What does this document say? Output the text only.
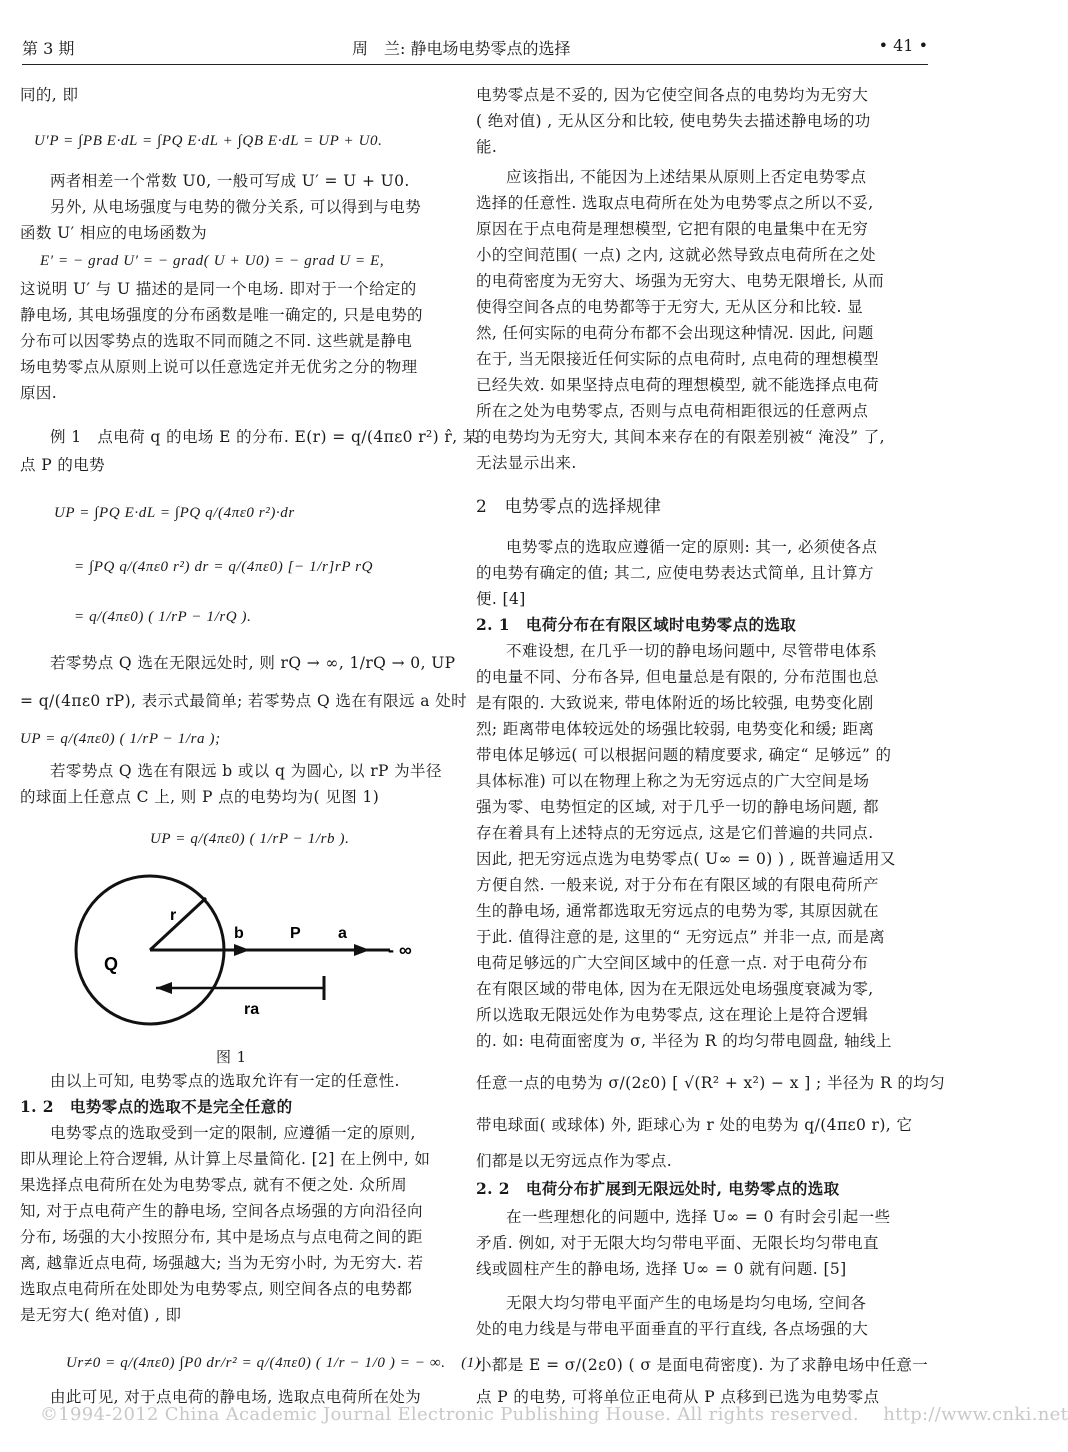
第 3 期	周　兰: 静电场电势零点的选择	• 41 •
同的, 即
U′P = ∫PB E·dL = ∫PQ E·dL + ∫QB E·dL = UP + U0.
两者相差一个常数 U0, 一般可写成 U′ = U + U0.
另外, 从电场强度与电势的微分关系, 可以得到与电势
函数 U′ 相应的电场函数为
E′ = − grad U′ = − grad( U + U0) = − grad U = E,
这说明 U′ 与 U 描述的是同一个电场. 即对于一个给定的
静电场, 其电场强度的分布函数是唯一确定的, 只是电势的
分布可以因零势点的选取不同而随之不同. 这些就是静电
场电势零点从原则上说可以任意选定并无优劣之分的物理
原因.
例 1　点电荷 q 的电场 E 的分布. E(r) = q/(4πε0 r²) r̂, 某
点 P 的电势
UP = ∫PQ E·dL = ∫PQ q/(4πε0 r²)·dr
= ∫PQ q/(4πε0 r²) dr = q/(4πε0) [− 1/r]rP rQ
= q/(4πε0) ( 1/rP − 1/rQ ).
若零势点 Q 选在无限远处时, 则 rQ → ∞, 1/rQ → 0, UP
= q/(4πε0 rP), 表示式最简单; 若零势点 Q 选在有限远 a 处时
UP = q/(4πε0) ( 1/rP − 1/ra );
若零势点 Q 选在有限远 b 或以 q 为圆心, 以 rP 为半径
的球面上任意点 C 上, 则 P 点的电势均为( 见图 1)
UP = q/(4πε0) ( 1/rP − 1/rb ).
r
Q
b	P a
- ∞
ra
图 1
由以上可知, 电势零点的选取允许有一定的任意性.
1. 2　电势零点的选取不是完全任意的
电势零点的选取受到一定的限制, 应遵循一定的原则,
即从理论上符合逻辑, 从计算上尽量简化. [2] 在上例中, 如
果选择点电荷所在处为电势零点, 就有不便之处. 众所周
知, 对于点电荷产生的静电场, 空间各点场强的方向沿径向
分布, 场强的大小按照分布, 其中是场点与点电荷之间的距
离, 越靠近点电荷, 场强越大; 当为无穷小时, 为无穷大. 若
选取点电荷所在处即处为电势零点, 则空间各点的电势都
是无穷大( 绝对值) , 即
Ur≠0 = q/(4πε0) ∫P0 dr/r² = q/(4πε0) ( 1/r − 1/0 ) = − ∞.　(1)
由此可见, 对于点电荷的静电场, 选取点电荷所在处为
电势零点是不妥的, 因为它使空间各点的电势均为无穷大
( 绝对值) , 无从区分和比较, 使电势失去描述静电场的功
能.
应该指出, 不能因为上述结果从原则上否定电势零点
选择的任意性. 选取点电荷所在处为电势零点之所以不妥,
原因在于点电荷是理想模型, 它把有限的电量集中在无穷
小的空间范围( 一点) 之内, 这就必然导致点电荷所在之处
的电荷密度为无穷大、场强为无穷大、电势无限增长, 从而
使得空间各点的电势都等于无穷大, 无从区分和比较. 显
然, 任何实际的电荷分布都不会出现这种情况. 因此, 问题
在于, 当无限接近任何实际的点电荷时, 点电荷的理想模型
已经失效. 如果坚持点电荷的理想模型, 就不能选择点电荷
所在之处为电势零点, 否则与点电荷相距很远的任意两点
的电势均为无穷大, 其间本来存在的有限差别被“ 淹没” 了,
无法显示出来.
2　电势零点的选择规律
电势零点的选取应遵循一定的原则: 其一, 必须使各点
的电势有确定的值; 其二, 应使电势表达式简单, 且计算方
便. [4]
2. 1　电荷分布在有限区域时电势零点的选取
不难设想, 在几乎一切的静电场问题中, 尽管带电体系
的电量不同、分布各异, 但电量总是有限的, 分布范围也总
是有限的. 大致说来, 带电体附近的场比较强, 电势变化剧
烈; 距离带电体较远处的场强比较弱, 电势变化和缓; 距离
带电体足够远( 可以根据问题的精度要求, 确定“ 足够远” 的
具体标准) 可以在物理上称之为无穷远点的广大空间是场
强为零、电势恒定的区域, 对于几乎一切的静电场问题, 都
存在着具有上述特点的无穷远点, 这是它们普遍的共同点.
因此, 把无穷远点选为电势零点( U∞ = 0) ) , 既普遍适用又
方便自然. 一般来说, 对于分布在有限区域的有限电荷所产
生的静电场, 通常都选取无穷远点的电势为零, 其原因就在
于此. 值得注意的是, 这里的“ 无穷远点” 并非一点, 而是离
电荷足够远的广大空间区域中的任意一点. 对于电荷分布
在有限区域的带电体, 因为在无限远处电场强度衰减为零,
所以选取无限远处作为电势零点, 这在理论上是符合逻辑
的. 如: 电荷面密度为 σ, 半径为 R 的均匀带电圆盘, 轴线上
任意一点的电势为 σ/(2ε0) [ √(R² + x²) − x ] ; 半径为 R 的均匀
带电球面( 或球体) 外, 距球心为 r 处的电势为 q/(4πε0 r), 它
们都是以无穷远点作为零点.
2. 2　电荷分布扩展到无限远处时, 电势零点的选取
在一些理想化的问题中, 选择 U∞ = 0 有时会引起一些
矛盾. 例如, 对于无限大均匀带电平面、无限长均匀带电直
线或圆柱产生的静电场, 选择 U∞ = 0 就有问题. [5]
无限大均匀带电平面产生的电场是均匀电场, 空间各
处的电力线是与带电平面垂直的平行直线, 各点场强的大
小都是 E = σ/(2ε0) ( σ 是面电荷密度). 为了求静电场中任意一
点 P 的电势, 可将单位正电荷从 P 点移到已选为电势零点
©1994-2012 China Academic Journal Electronic Publishing House. All rights reserved.　 http://www.cnki.net
